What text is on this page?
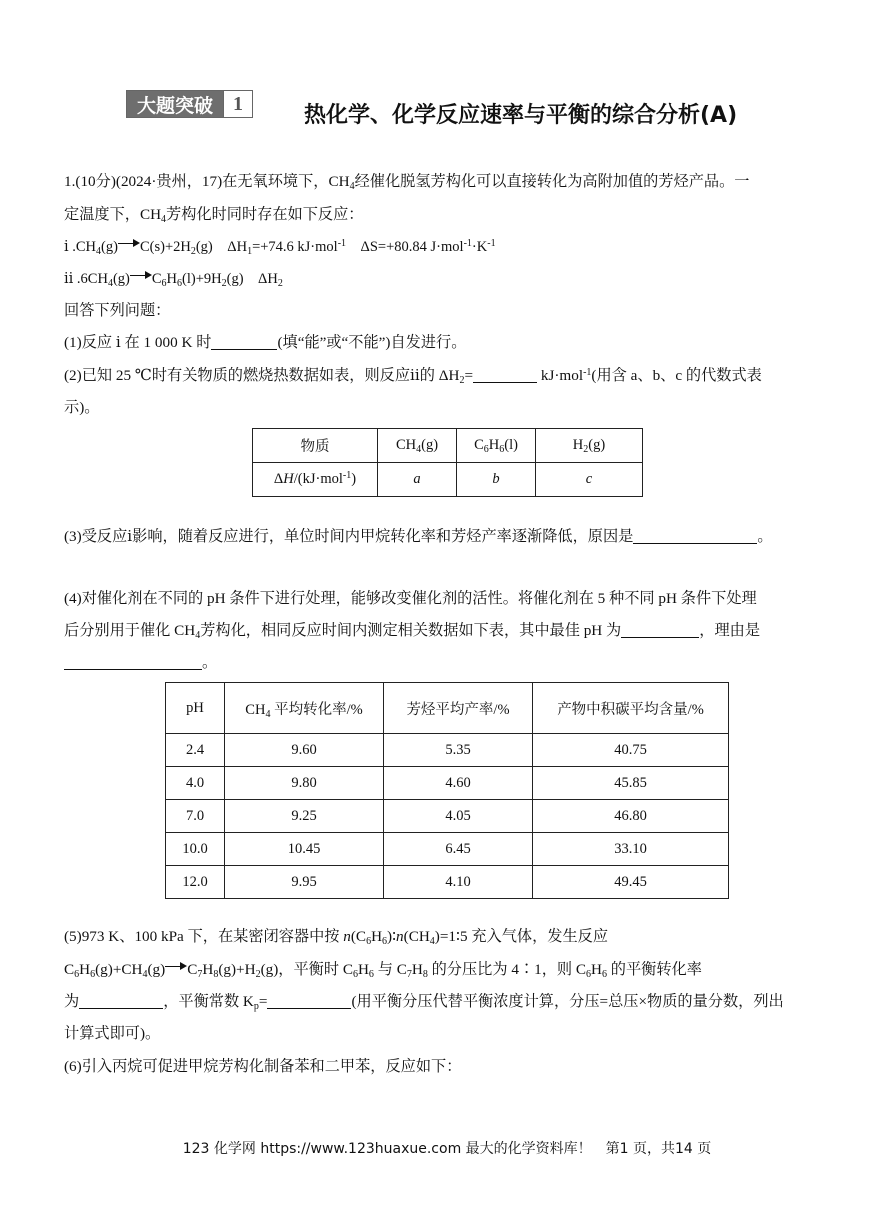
大题突破	1	热化学、化学反应速率与平衡的综合分析(A)
1.(10分)(2024·贵州，17)在无氧环境下，$CH_4$经催化脱氢芳构化可以直接转化为高附加值的芳烃产品。一
定温度下，$CH_4$芳构化时同时存在如下反应：
ⅰ $.CH_4(g)$ $C(s)+2H_2(g)$ $\Delta H_1=+74.6$ kJ·mol$^{-1}$ ΔS=+80.84 $J\cdot mol^{-1}\cdot K^{-1}$
ⅱ $.6CH_4(g)$ $C_6H_6(l)+9H_2(g)$ $\Delta H_2$
回答下列问题：
(1)反应 ⅰ 在 1 000 K 时	(填“能”或“不能”)自发进行。
(2)已知 25 ℃时有关物质的燃烧热数据如表，则反应ⅱ的 $\Delta H_2=$	kJ·mol$^{-1}$(用含 a、b、c 的代数式表
示)。
物质	$CH_4(g)$	$C_6H_6(l)$	$H_2(g)$
ΔH/(kJ·mol$^{-1}$)	a	b	c
(3)受反应ⅰ影响，随着反应进行，单位时间内甲烷转化率和芳烃产率逐渐降低，原因是	。
(4)对催化剂在不同的 pH 条件下进行处理，能够改变催化剂的活性。将催化剂在 5 种不同 pH 条件下处理
后分别用于催化 $CH_4$芳构化，相同反应时间内测定相关数据如下表，其中最佳 pH 为	，理由是
。
pH	$CH_4$ 平均转化率/%	芳烃平均产率/%	产物中积碳平均含量/%
2.4	9.60	5.35	40.75
4.0	9.80	4.60	45.85
7.0	9.25	4.05	46.80
10.0	10.45	6.45	33.10
12.0	9.95	4.10	49.45
(5)973 K、100 kPa 下，在某密闭容器中按 $n(C_6H_6)∶n(CH_4)=1∶5$ 充入气体，发生反应
$C_6H_6(g)+CH_4(g)$ $C_7H_8(g)+H_2(g)$，平衡时 $C_6H_6$ 与 $C_7H_8$ 的分压比为 4∶1，则 $C_6H_6$ 的平衡转化率
为	，平衡常数 $K_p=$	(用平衡分压代替平衡浓度计算，分压=总压×物质的量分数，列出
计算式即可)。
(6)引入丙烷可促进甲烷芳构化制备苯和二甲苯，反应如下：
123 化学网 https://www.123huaxue.com 最大的化学资料库！　第1 页，共14 页
